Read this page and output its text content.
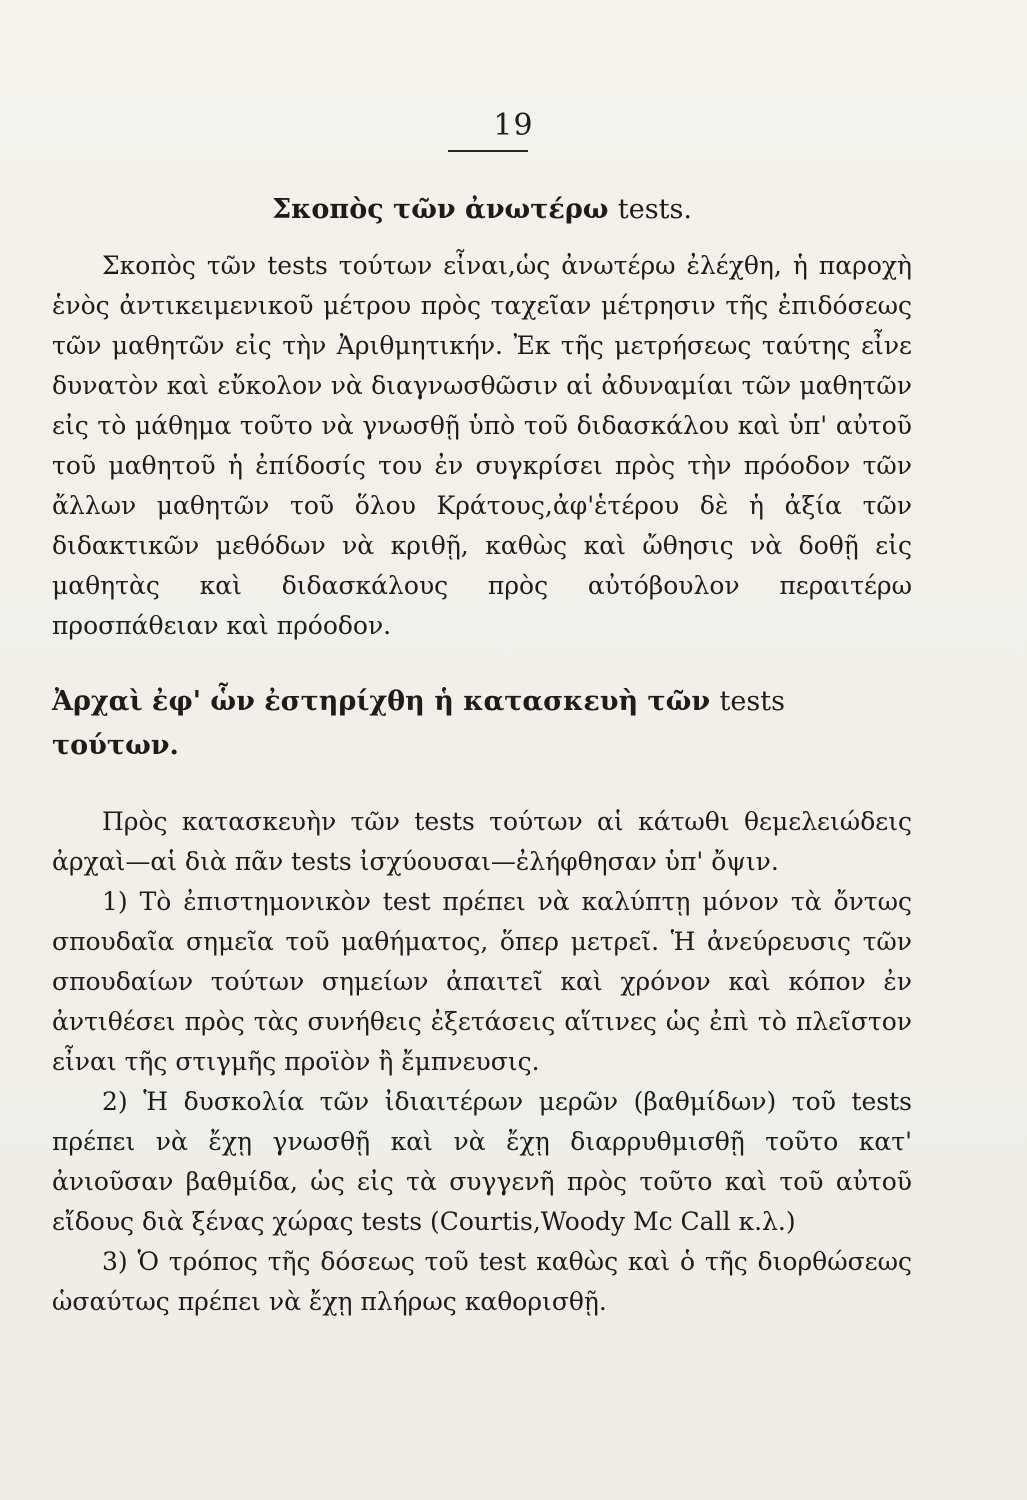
19
Σκοπὸς τῶν ἀνωτέρω tests.

Σκοπὸς τῶν tests τούτων εἶναι,ὡς ἀνωτέρω ἐλέχθη, ἡ παροχὴ ἑνὸς ἀντικειμενικοῦ μέτρου πρὸς ταχεῖαν μέτρησιν τῆς ἐπιδόσεως τῶν μαθητῶν εἰς τὴν Ἀριθμητικήν. Ἐκ τῆς μετρήσεως ταύτης εἶνε δυνατὸν καὶ εὔκολον νὰ διαγνωσθῶσιν αἱ ἀδυναμίαι τῶν μαθητῶν εἰς τὸ μάθημα τοῦτο νὰ γνωσθῇ ὑπὸ τοῦ διδασκάλου καὶ ὑπ' αὐτοῦ τοῦ μαθητοῦ ἡ ἐπίδοσίς του ἐν συγκρίσει πρὸς τὴν πρόοδον τῶν ἄλλων μαθητῶν τοῦ ὅλου Κράτους,ἀφ'ἑτέρου δὲ ἡ ἀξία τῶν διδακτικῶν μεθόδων νὰ κριθῇ, καθὼς καὶ ὤθησις νὰ δοθῇ εἰς μαθητὰς καὶ διδασκάλους πρὸς αὐτόβουλον περαιτέρω προσπάθειαν καὶ πρόοδον.

Ἀρχαὶ ἐφ' ὧν ἐστηρίχθη ἡ κατασκευὴ τῶν tests τούτων.

Πρὸς κατασκευὴν τῶν tests τούτων αἱ κάτωθι θεμελειώδεις ἀρχαὶ—αἱ διὰ πᾶν tests ἰσχύουσαι—ἐλήφθησαν ὑπ' ὄψιν.

1) Τὸ ἐπιστημονικὸν test πρέπει νὰ καλύπτῃ μόνον τὰ ὄντως σπουδαῖα σημεῖα τοῦ μαθήματος, ὅπερ μετρεῖ. Ἡ ἀνεύρευσις τῶν σπουδαίων τούτων σημείων ἀπαιτεῖ καὶ χρόνον καὶ κόπον ἐν ἀντιθέσει πρὸς τὰς συνήθεις ἐξετάσεις αἵτινες ὡς ἐπὶ τὸ πλεῖστον εἶναι τῆς στιγμῆς προϊὸν ἢ ἔμπνευσις.

2) Ἡ δυσκολία τῶν ἰδιαιτέρων μερῶν (βαθμίδων) τοῦ tests πρέπει νὰ ἔχῃ γνωσθῇ καὶ νὰ ἔχῃ διαρρυθμισθῇ τοῦτο κατ' ἀνιοῦσαν βαθμίδα, ὡς εἰς τὰ συγγενῆ πρὸς τοῦτο καὶ τοῦ αὐτοῦ εἴδους διὰ ξένας χώρας tests (Courtis,Woody Mc Call κ.λ.)

3) Ὁ τρόπος τῆς δόσεως τοῦ test καθὼς καὶ ὁ τῆς διορθώσεως ὡσαύτως πρέπει νὰ ἔχῃ πλήρως καθορισθῇ.
